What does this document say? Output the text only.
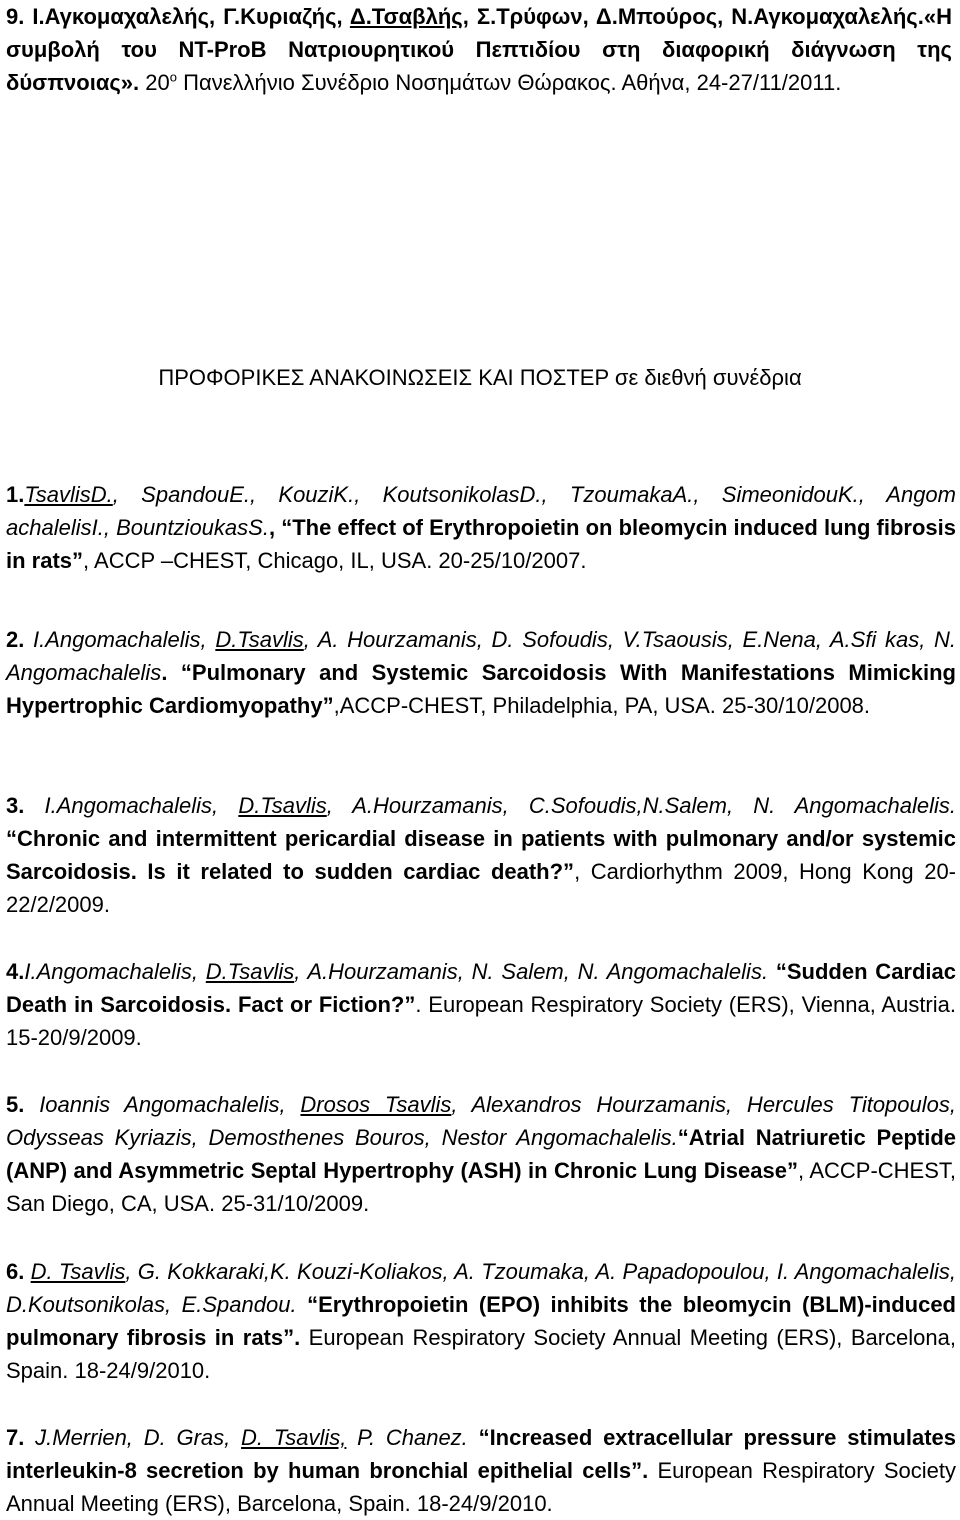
9. Ι.Αγκομαχαλελής, Γ.Κυριαζής, Δ.Τσαβλής, Σ.Τρύφων, Δ.Μπούρος, Ν.Αγκομαχαλελής.«Η συμβολή του NT-ProB Νατριουρητικού Πεπτιδίου στη διαφορική διάγνωση της δύσπνοιας». $20^o$ Πανελλήνιο Συνέδριο Νοσημάτων Θώρακος. Αθήνα, 24-27/11/2011.

ΠΡΟΦΟΡΙΚΕΣ ΑΝΑΚΟΙΝΩΣΕΙΣ ΚΑΙ ΠΟΣΤΕΡ σε διεθνή συνέδρια

1.TsavlisD., SpandouE., KouziK., KoutsonikolasD., TzoumakaA., SimeonidouK., Angom achalelisI., BountzioukasS., “The effect of Erythropoietin on bleomycin induced lung fibrosis in rats”, ACCP –CHEST, Chicago, IL, USA. 20-25/10/2007.

2. I.Angomachalelis, D.Tsavlis, A. Hourzamanis, D. Sofoudis, V.Tsaousis, E.Nena, A.Sfi kas, N. Angomachalelis. “Pulmonary and Systemic Sarcoidosis With Manifestations Mimicking Hypertrophic Cardiomyopathy”,ACCP-CHEST, Philadelphia, PA, USA. 25-30/10/2008.

3. I.Angomachalelis, D.Tsavlis, A.Hourzamanis, C.Sofoudis,N.Salem, N. Angomachalelis. “Chronic and intermittent pericardial disease in patients with pulmonary and/or systemic Sarcoidosis. Is it related to sudden cardiac death?”, Cardiorhythm 2009, Hong Kong 20-22/2/2009.

4.I.Angomachalelis, D.Tsavlis, A.Hourzamanis, N. Salem, N. Angomachalelis. “Sudden Cardiac Death in Sarcoidosis. Fact or Fiction?”. European Respiratory Society (ERS), Vienna, Austria. 15-20/9/2009.

5. Ioannis Angomachalelis, Drosos Tsavlis, Alexandros Hourzamanis, Hercules Titopoulos, Odysseas Kyriazis, Demosthenes Bouros, Nestor Angomachalelis.“Atrial Natriuretic Peptide (ANP) and Asymmetric Septal Hypertrophy (ASH) in Chronic Lung Disease”, ACCP-CHEST, San Diego, CA, USA. 25-31/10/2009.

6. D. Tsavlis, G. Kokkaraki,K. Kouzi-Koliakos, A. Tzoumaka, A. Papadopoulou, I. Angomachalelis, D.Koutsonikolas, E.Spandou. “Erythropoietin (EPO) inhibits the bleomycin (BLM)-induced pulmonary fibrosis in rats”. European Respiratory Society Annual Meeting (ERS), Barcelona, Spain. 18-24/9/2010.

7. J.Merrien, D. Gras, D. Tsavlis, P. Chanez. “Increased extracellular pressure stimulates interleukin-8 secretion by human bronchial epithelial cells”. European Respiratory Society Annual Meeting (ERS), Barcelona, Spain. 18-24/9/2010.
